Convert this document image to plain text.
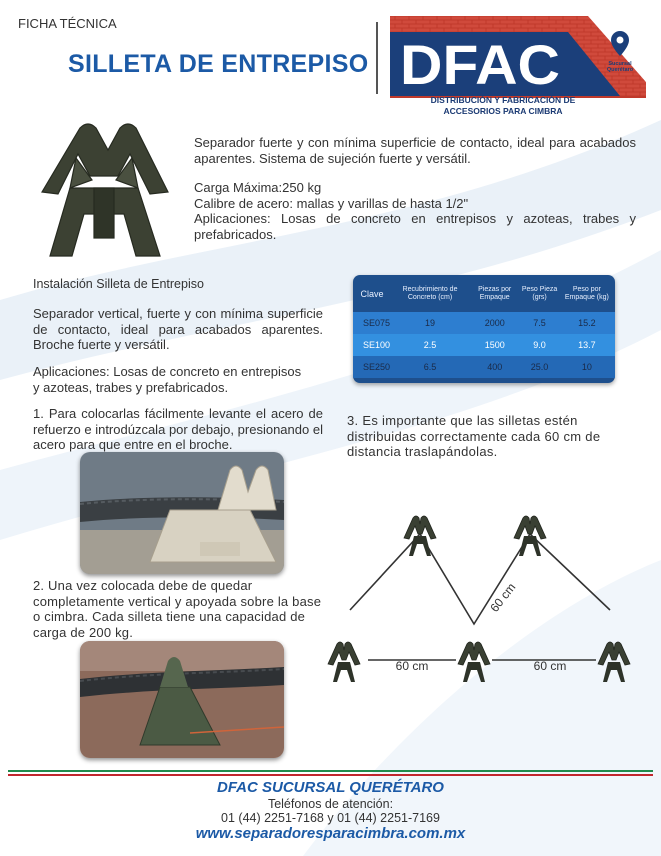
FICHA TÉCNICA
SILLETA DE ENTREPISO DFAC	Sucursal
Querétaro
DISTRIBUCIÓN Y FABRICACIÓN DE
ACCESORIOS PARA CIMBRA

Separador fuerte y con mínima superficie de contacto, ideal para acabados aparentes. Sistema de sujeción fuerte y versátil.

Carga Máxima:250 kg
Calibre de acero: mallas y varillas de hasta 1/2"
Aplicaciones: Losas de concreto en entrepisos y azoteas, trabes y prefabricados.
Instalación Silleta de Entrepiso
Separador vertical, fuerte y con mínima superficie de contacto, ideal para acabados aparentes. Broche fuerte y versátil.
Aplicaciones: Losas de concreto en entrepisos
y azoteas, trabes y prefabricados.
Clave	Recubrimiento de Concreto (cm)	Piezas por Empaque	Peso Pieza (grs)	Peso por Empaque (kg)
SE075	19	2000	7.5	15.2
SE100	2.5	1500	9.0	13.7
SE250	6.5	400	25.0	10
1. Para colocarlas fácilmente levante el acero de refuerzo e introdúzcala por debajo, presionando el acero para que entre en el broche.
3. Es importante que las silletas estén distribuidas correctamente cada 60 cm de distancia traslapándolas.
2. Una vez colocada debe de quedar completamente vertical y apoyada sobre la base o cimbra. Cada silleta tiene una capacidad de carga de 200 kg.
60 cm	60 cm
60 cm
DFAC SUCURSAL QUERÉTARO
Teléfonos de atención:
01 (44) 2251-7168 y 01 (44) 2251-7169
www.separadoresparacimbra.com.mx
